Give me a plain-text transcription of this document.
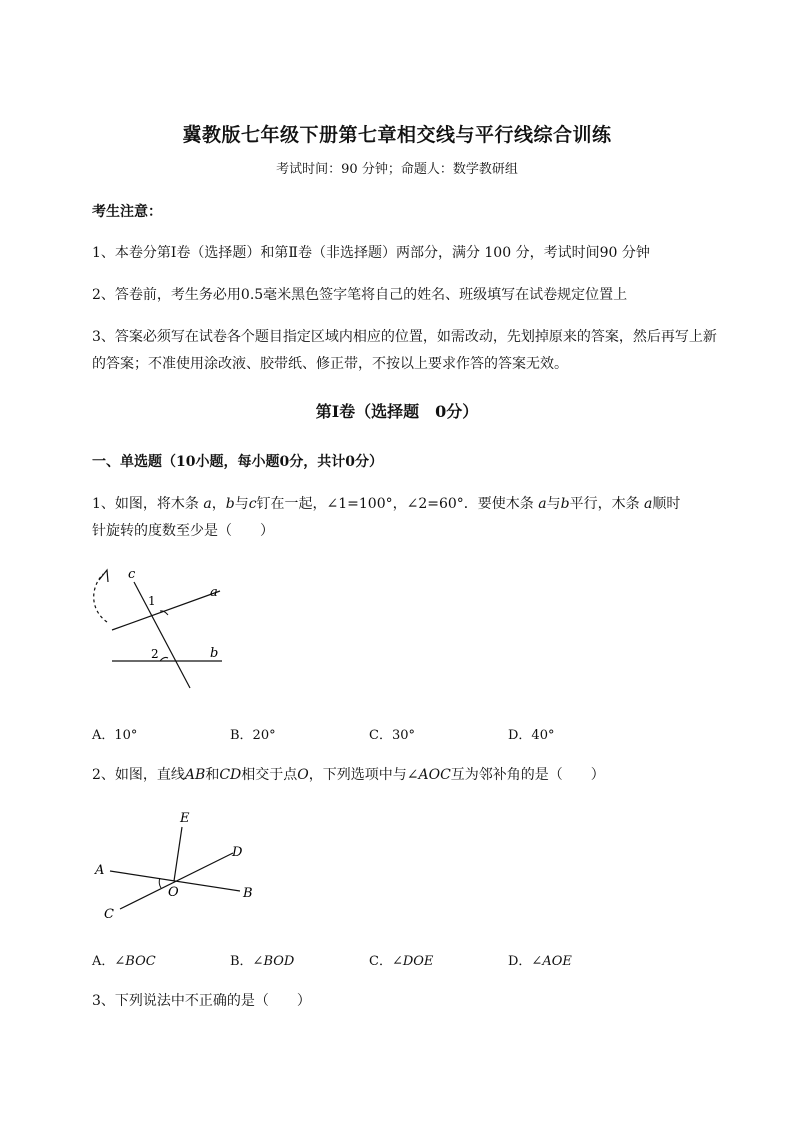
冀教版七年级下册第七章相交线与平行线综合训练
考试时间：90 分钟；命题人：数学教研组
考生注意：
1、本卷分第Ⅰ卷（选择题）和第Ⅱ卷（非选择题）两部分，满分 100 分，考试时间90 分钟
2、答卷前，考生务必用0.5毫米黑色签字笔将自己的姓名、班级填写在试卷规定位置上
3、答案必须写在试卷各个题目指定区域内相应的位置，如需改动，先划掉原来的答案，然后再写上新
的答案；不准使用涂改液、胶带纸、修正带，不按以上要求作答的答案无效。
第Ⅰ卷（选择题　0分）
一、单选题（10小题，每小题0分，共计0分）
1、如图，将木条 a，b与c钉在一起，∠1=100°，∠2=60°．要使木条 a与b平行，木条 a顺时
针旋转的度数至少是（　　）
c
a
b
1
2
A．10°	B．20°	C．30°	D．40°
2、如图，直线AB和CD相交于点O，下列选项中与∠AOC互为邻补角的是（　　）
E
D
A
O	B
C
A．∠BOC	B．∠BOD	C．∠DOE	D．∠AOE
3、下列说法中不正确的是（　　）
